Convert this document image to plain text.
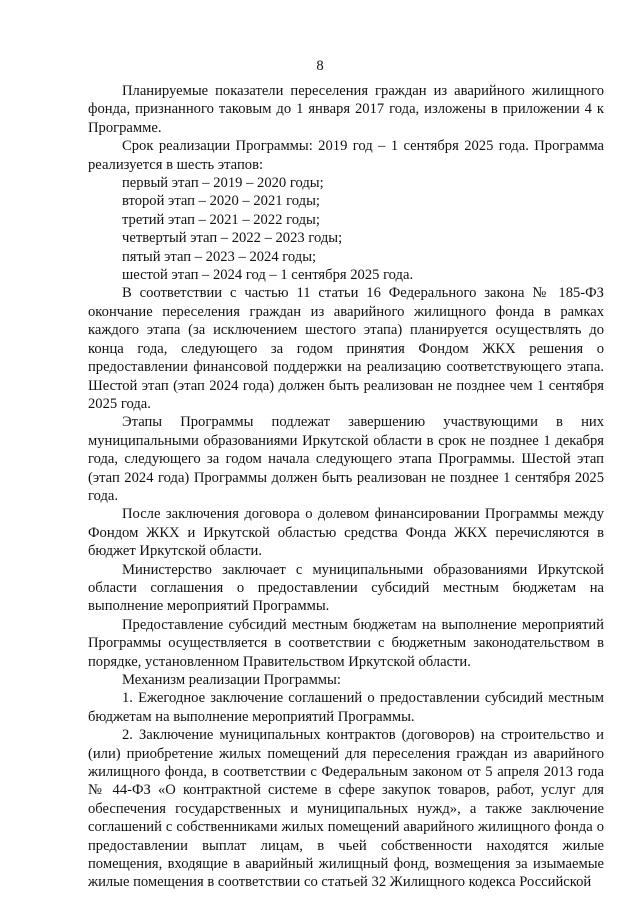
8

Планируемые показатели переселения граждан из аварийного жилищного фонда, признанного таковым до 1 января 2017 года, изложены в приложении 4 к Программе.

Срок реализации Программы: 2019 год – 1 сентября 2025 года. Программа реализуется в шесть этапов:

первый этап – 2019 – 2020 годы;
второй этап – 2020 – 2021 годы;
третий этап – 2021 – 2022 годы;
четвертый этап – 2022 – 2023 годы;
пятый этап – 2023 – 2024 годы;
шестой этап – 2024 год – 1 сентября 2025 года.

В соответствии с частью 11 статьи 16 Федерального закона № 185-ФЗ окончание переселения граждан из аварийного жилищного фонда в рамках каждого этапа (за исключением шестого этапа) планируется осуществлять до конца года, следующего за годом принятия Фондом ЖКХ решения о предоставлении финансовой поддержки на реализацию соответствующего этапа. Шестой этап (этап 2024 года) должен быть реализован не позднее чем 1 сентября 2025 года.

Этапы Программы подлежат завершению участвующими в них муниципальными образованиями Иркутской области в срок не позднее 1 декабря года, следующего за годом начала следующего этапа Программы. Шестой этап (этап 2024 года) Программы должен быть реализован не позднее 1 сентября 2025 года.

После заключения договора о долевом финансировании Программы между Фондом ЖКХ и Иркутской областью средства Фонда ЖКХ перечисляются в бюджет Иркутской области.

Министерство заключает с муниципальными образованиями Иркутской области соглашения о предоставлении субсидий местным бюджетам на выполнение мероприятий Программы.

Предоставление субсидий местным бюджетам на выполнение мероприятий Программы осуществляется в соответствии с бюджетным законодательством в порядке, установленном Правительством Иркутской области.

Механизм реализации Программы:

1. Ежегодное заключение соглашений о предоставлении субсидий местным бюджетам на выполнение мероприятий Программы.

2. Заключение муниципальных контрактов (договоров) на строительство и (или) приобретение жилых помещений для переселения граждан из аварийного жилищного фонда, в соответствии с Федеральным законом от 5 апреля 2013 года № 44-ФЗ «О контрактной системе в сфере закупок товаров, работ, услуг для обеспечения государственных и муниципальных нужд», а также заключение соглашений с собственниками жилых помещений аварийного жилищного фонда о предоставлении выплат лицам, в чьей собственности находятся жилые помещения, входящие в аварийный жилищный фонд, возмещения за изымаемые жилые помещения в соответствии со статьей 32 Жилищного кодекса Российской
